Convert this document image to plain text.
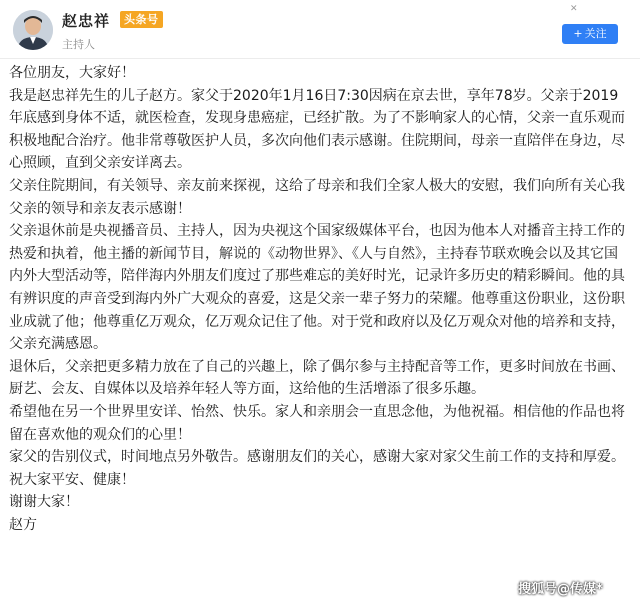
赵忠祥	头条号
主持人
✕
+ 关注

各位朋友，大家好！

我是赵忠祥先生的儿子赵方。家父于2020年1月16日7:30因病在京去世，享年78岁。父亲于2019年底感到身体不适，就医检查，发现身患癌症，已经扩散。为了不影响家人的心情，父亲一直乐观而积极地配合治疗。他非常尊敬医护人员，多次向他们表示感谢。住院期间，母亲一直陪伴在身边，尽心照顾，直到父亲安详离去。

父亲住院期间，有关领导、亲友前来探视，这给了母亲和我们全家人极大的安慰，我们向所有关心我父亲的领导和亲友表示感谢！

父亲退休前是央视播音员、主持人，因为央视这个国家级媒体平台，也因为他本人对播音主持工作的热爱和执着，他主播的新闻节目，解说的《动物世界》、《人与自然》，主持春节联欢晚会以及其它国内外大型活动等，陪伴海内外朋友们度过了那些难忘的美好时光，记录许多历史的精彩瞬间。他的具有辨识度的声音受到海内外广大观众的喜爱，这是父亲一辈子努力的荣耀。他尊重这份职业，这份职业成就了他；他尊重亿万观众，亿万观众记住了他。对于党和政府以及亿万观众对他的培养和支持，父亲充满感恩。

退休后，父亲把更多精力放在了自己的兴趣上，除了偶尔参与主持配音等工作，更多时间放在书画、厨艺、会友、自媒体以及培养年轻人等方面，这给他的生活增添了很多乐趣。

希望他在另一个世界里安详、怡然、快乐。家人和亲朋会一直思念他，为他祝福。相信他的作品也将留在喜欢他的观众们的心里！

家父的告别仪式，时间地点另外敬告。感谢朋友们的关心，感谢大家对家父生前工作的支持和厚爱。祝大家平安、健康！

谢谢大家！

赵方

搜狐号@传媒*
